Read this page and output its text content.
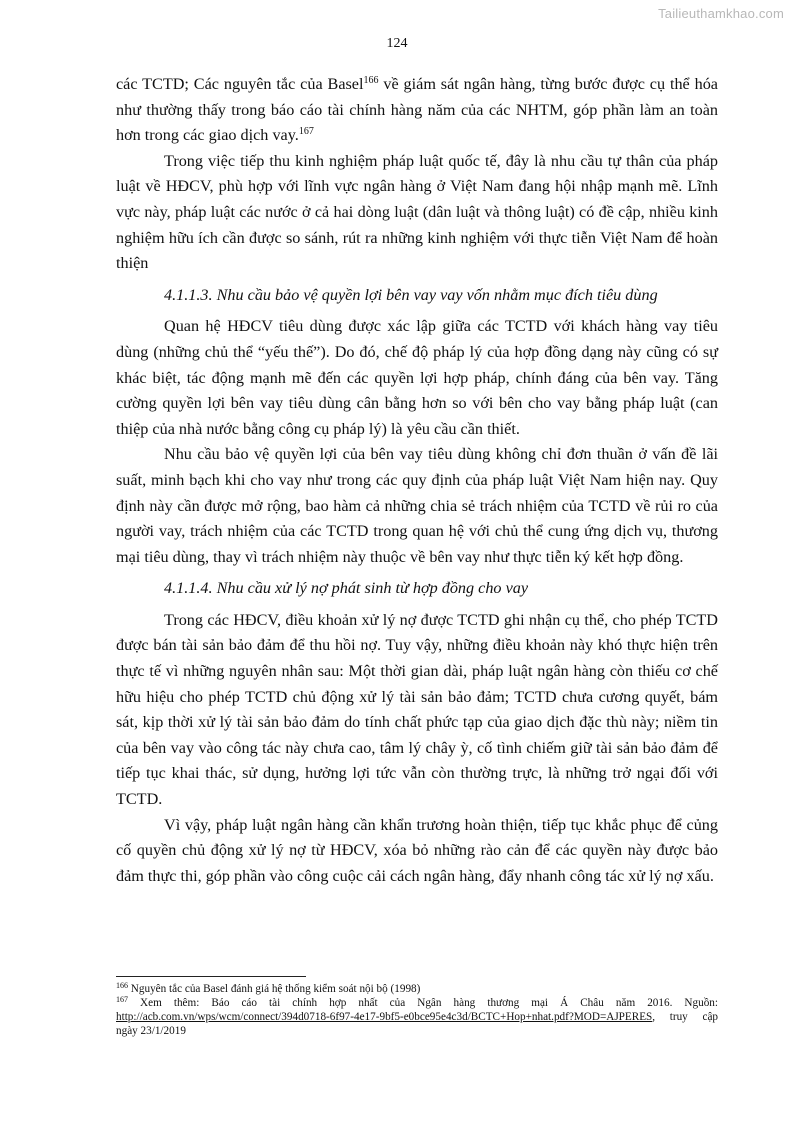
Tailieuthamkhao.com
124

các TCTD; Các nguyên tắc của Basel$^{166}$ về giám sát ngân hàng, từng bước được cụ thể hóa như thường thấy trong báo cáo tài chính hàng năm của các NHTM, góp phần làm an toàn hơn trong các giao dịch vay.$^{167}$

Trong việc tiếp thu kinh nghiệm pháp luật quốc tế, đây là nhu cầu tự thân của pháp luật về HĐCV, phù hợp với lĩnh vực ngân hàng ở Việt Nam đang hội nhập mạnh mẽ. Lĩnh vực này, pháp luật các nước ở cả hai dòng luật (dân luật và thông luật) có đề cập, nhiều kinh nghiệm hữu ích cần được so sánh, rút ra những kinh nghiệm với thực tiễn Việt Nam để hoàn thiện

4.1.1.3. Nhu cầu bảo vệ quyền lợi bên vay vay vốn nhằm mục đích tiêu dùng

Quan hệ HĐCV tiêu dùng được xác lập giữa các TCTD với khách hàng vay tiêu dùng (những chủ thể “yếu thế”). Do đó, chế độ pháp lý của hợp đồng dạng này cũng có sự khác biệt, tác động mạnh mẽ đến các quyền lợi hợp pháp, chính đáng của bên vay. Tăng cường quyền lợi bên vay tiêu dùng cân bằng hơn so với bên cho vay bằng pháp luật (can thiệp của nhà nước bằng công cụ pháp lý) là yêu cầu cần thiết.

Nhu cầu bảo vệ quyền lợi của bên vay tiêu dùng không chỉ đơn thuần ở vấn đề lãi suất, minh bạch khi cho vay như trong các quy định của pháp luật Việt Nam hiện nay. Quy định này cần được mở rộng, bao hàm cả những chia sẻ trách nhiệm của TCTD về rủi ro của người vay, trách nhiệm của các TCTD trong quan hệ với chủ thể cung ứng dịch vụ, thương mại tiêu dùng, thay vì trách nhiệm này thuộc về bên vay như thực tiễn ký kết hợp đồng.

4.1.1.4. Nhu cầu xử lý nợ phát sinh từ hợp đồng cho vay

Trong các HĐCV, điều khoản xử lý nợ được TCTD ghi nhận cụ thể, cho phép TCTD được bán tài sản bảo đảm để thu hồi nợ. Tuy vậy, những điều khoản này khó thực hiện trên thực tế vì những nguyên nhân sau: Một thời gian dài, pháp luật ngân hàng còn thiếu cơ chế hữu hiệu cho phép TCTD chủ động xử lý tài sản bảo đảm; TCTD chưa cương quyết, bám sát, kịp thời xử lý tài sản bảo đảm do tính chất phức tạp của giao dịch đặc thù này; niềm tin của bên vay vào công tác này chưa cao, tâm lý chây ỳ, cố tình chiếm giữ tài sản bảo đảm để tiếp tục khai thác, sử dụng, hưởng lợi tức vẫn còn thường trực, là những trở ngại đối với TCTD.

Vì vậy, pháp luật ngân hàng cần khẩn trương hoàn thiện, tiếp tục khắc phục để củng cố quyền chủ động xử lý nợ từ HĐCV, xóa bỏ những rào cản để các quyền này được bảo đảm thực thi, góp phần vào công cuộc cải cách ngân hàng, đẩy nhanh công tác xử lý nợ xấu.

$^{166}$ Nguyên tắc của Basel đánh giá hệ thống kiểm soát nội bộ (1998)

$^{167}$ Xem thêm: Báo cáo tài chính hợp nhất của Ngân hàng thương mại Á Châu năm 2016. Nguồn: http://acb.com.vn/wps/wcm/connect/394d0718-6f97-4e17-9bf5-e0bce95e4c3d/BCTC+Hop+nhat.pdf?MOD=AJPERES, truy cập ngày 23/1/2019
